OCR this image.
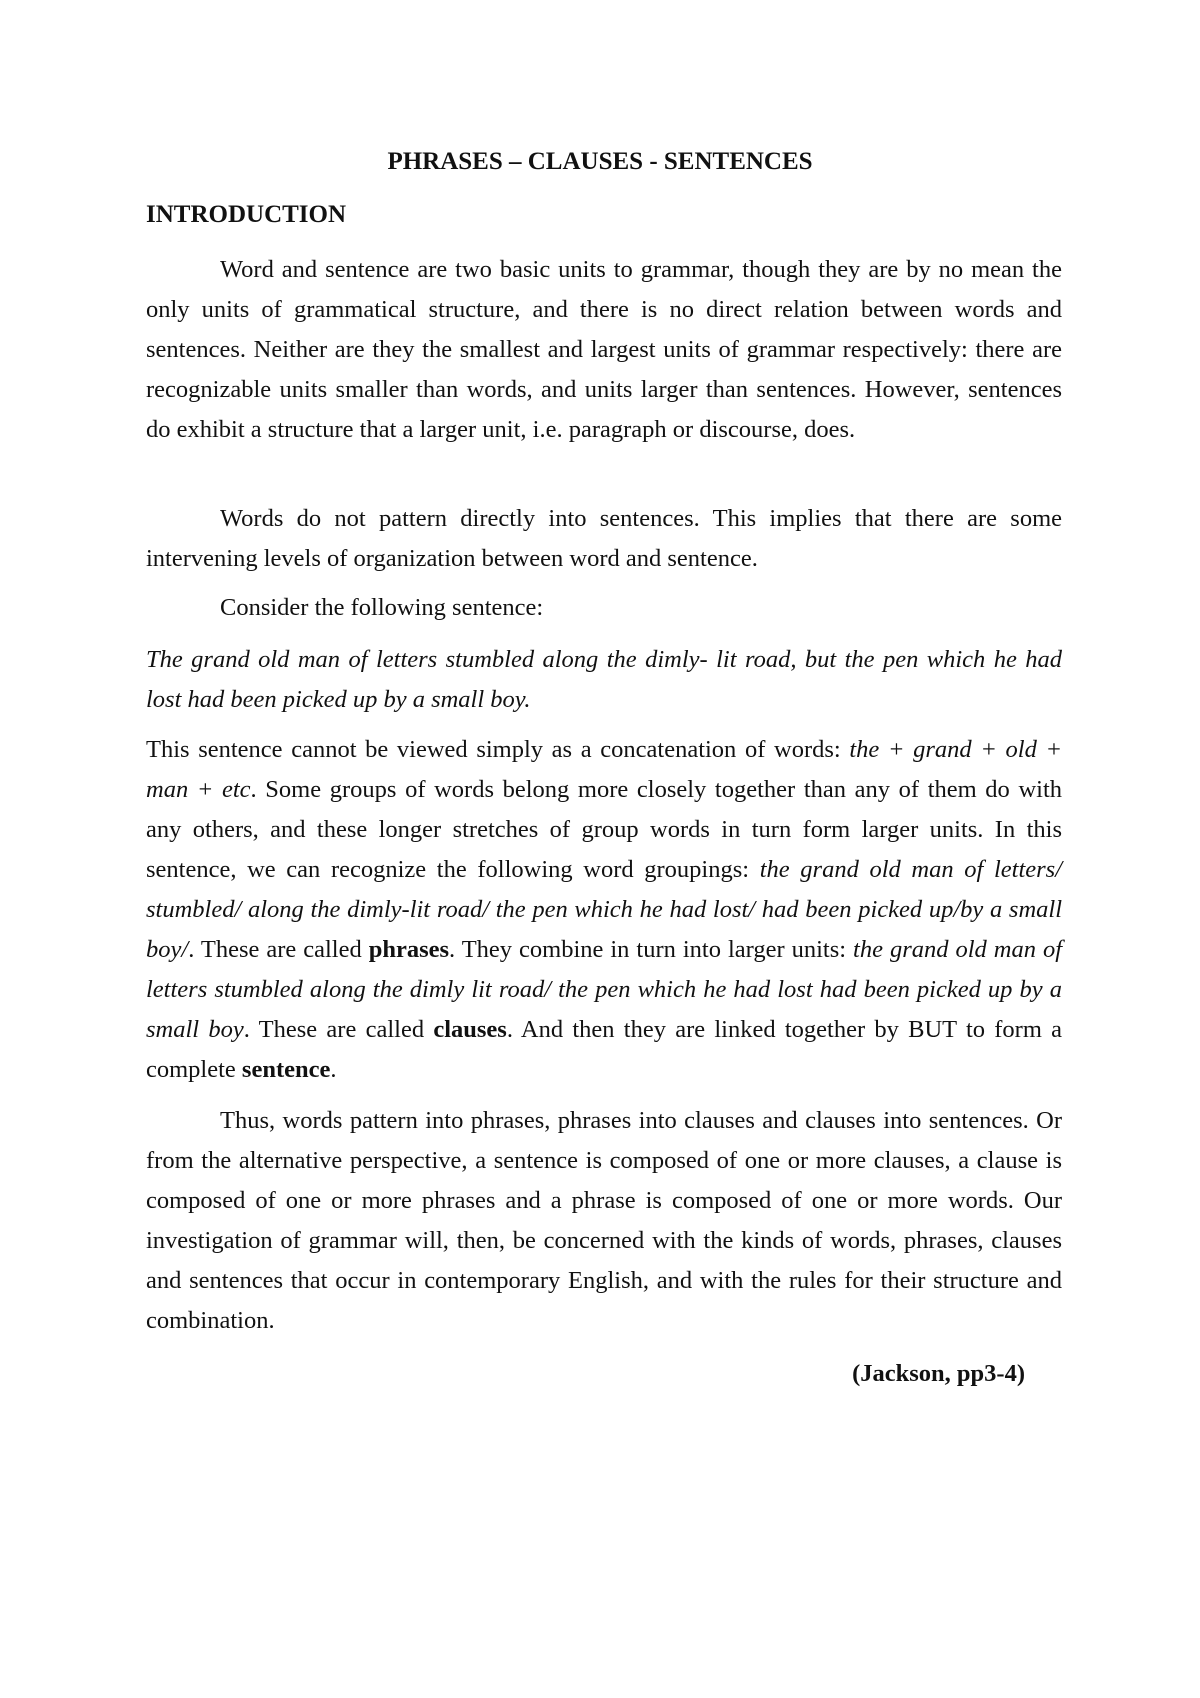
PHRASES – CLAUSES - SENTENCES
INTRODUCTION

Word and sentence are two basic units to grammar, though they are by no mean the only units of grammatical structure, and there is no direct relation between words and sentences. Neither are they the smallest and largest units of grammar respectively: there are recognizable units smaller than words, and units larger than sentences. However, sentences do exhibit a structure that a larger unit, i.e. paragraph or discourse, does.

Words do not pattern directly into sentences. This implies that there are some intervening levels of organization between word and sentence.

Consider the following sentence:

The grand old man of letters stumbled along the dimly- lit road, but the pen which he had lost had been picked up by a small boy.

This sentence cannot be viewed simply as a concatenation of words: the + grand + old + man + etc. Some groups of words belong more closely together than any of them do with any others, and these longer stretches of group words in turn form larger units. In this sentence, we can recognize the following word groupings: the grand old man of letters/ stumbled/ along the dimly-lit road/ the pen which he had lost/ had been picked up/by a small boy/. These are called phrases. They combine in turn into larger units: the grand old man of letters stumbled along the dimly lit road/ the pen which he had lost had been picked up by a small boy. These are called clauses. And then they are linked together by BUT to form a complete sentence.

Thus, words pattern into phrases, phrases into clauses and clauses into sentences. Or from the alternative perspective, a sentence is composed of one or more clauses, a clause is composed of one or more phrases and a phrase is composed of one or more words. Our investigation of grammar will, then, be concerned with the kinds of words, phrases, clauses and sentences that occur in contemporary English, and with the rules for their structure and combination.

(Jackson, pp3-4)
